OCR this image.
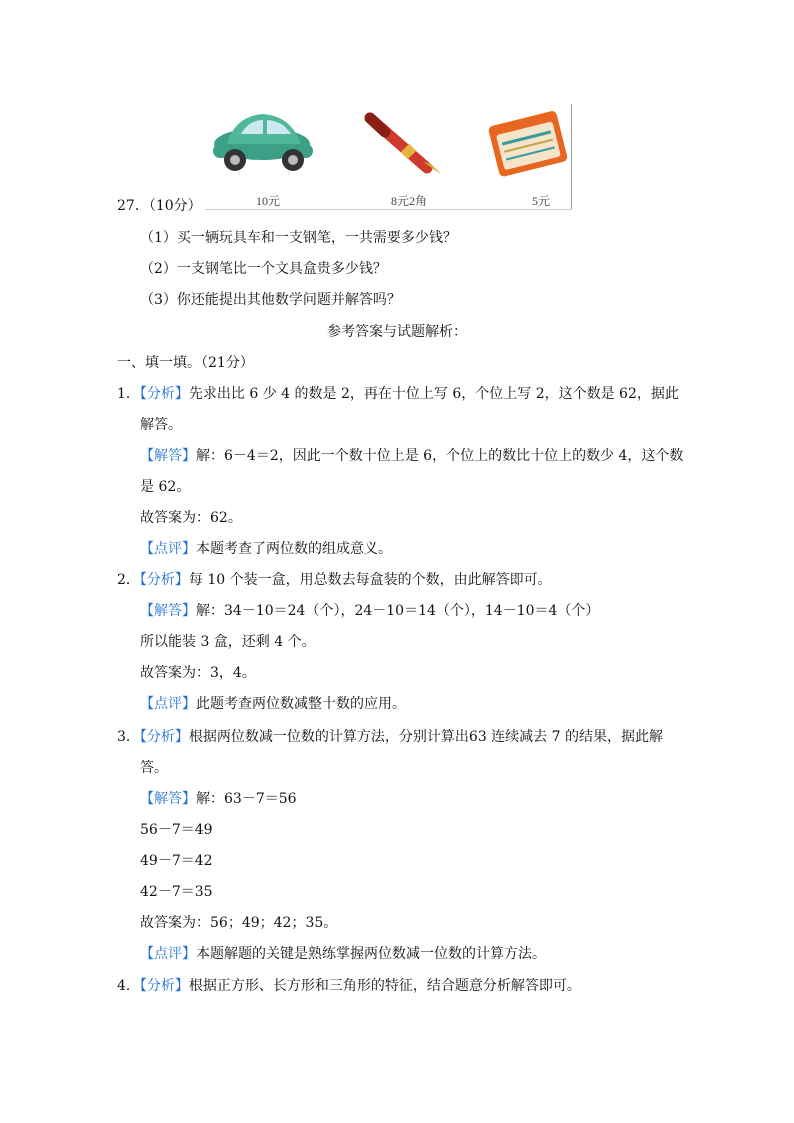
10元	8元2角	5元
27．（10分）
（1）买一辆玩具车和一支钢笔，一共需要多少钱？
（2）一支钢笔比一个文具盒贵多少钱？
（3）你还能提出其他数学问题并解答吗？
参考答案与试题解析：
一、填一填。（21分）
1．【分析】先求出比 6 少 4 的数是 2，再在十位上写 6，个位上写 2，这个数是 62，据此
解答。
【解答】解：6－4＝2，因此一个数十位上是 6，个位上的数比十位上的数少 4，这个数
是 62。
故答案为：62。
【点评】本题考查了两位数的组成意义。
2．【分析】每 10 个装一盒，用总数去每盒装的个数，由此解答即可。
【解答】解：34－10＝24（个），24－10＝14（个），14－10＝4（个）
所以能装 3 盒，还剩 4 个。
故答案为：3，4。
【点评】此题考查两位数减整十数的应用。
3．【分析】根据两位数减一位数的计算方法，分别计算出63 连续减去 7 的结果，据此解
答。
【解答】解：63－7＝56
56－7＝49
49－7＝42
42－7＝35
故答案为：56；49；42；35。
【点评】本题解题的关键是熟练掌握两位数减一位数的计算方法。
4．【分析】根据正方形、长方形和三角形的特征，结合题意分析解答即可。
